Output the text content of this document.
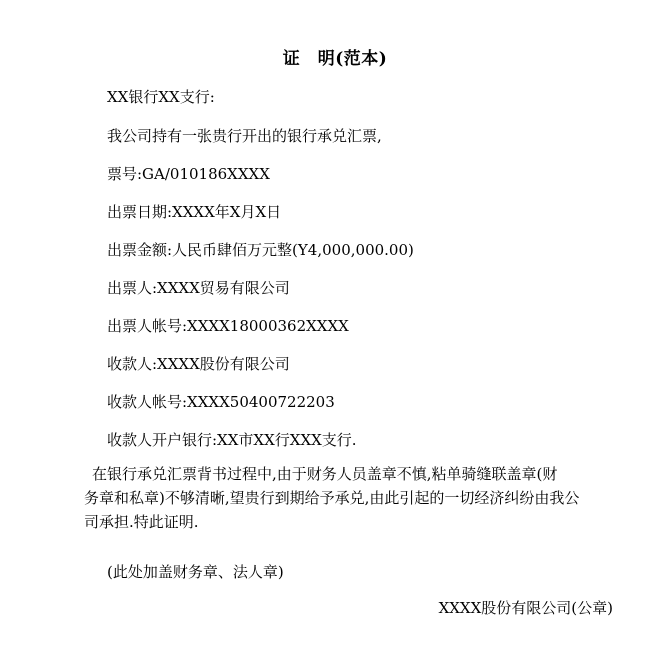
证　明(范本)
XX银行XX支行:
我公司持有一张贵行开出的银行承兑汇票,
票号:GA/010186XXXX
出票日期:XXXX年X月X日
出票金额:人民币肆佰万元整(Y4,000,000.00)
出票人:XXXX贸易有限公司
出票人帐号:XXXX18000362XXXX
收款人:XXXX股份有限公司
收款人帐号:XXXX50400722203
收款人开户银行:XX市XX行XXX支行.
在银行承兑汇票背书过程中,由于财务人员盖章不慎,粘单骑缝联盖章(财
务章和私章)不够清晰,望贵行到期给予承兑,由此引起的一切经济纠纷由我公
司承担.特此证明.
(此处加盖财务章、法人章)
XXXX股份有限公司(公章)
